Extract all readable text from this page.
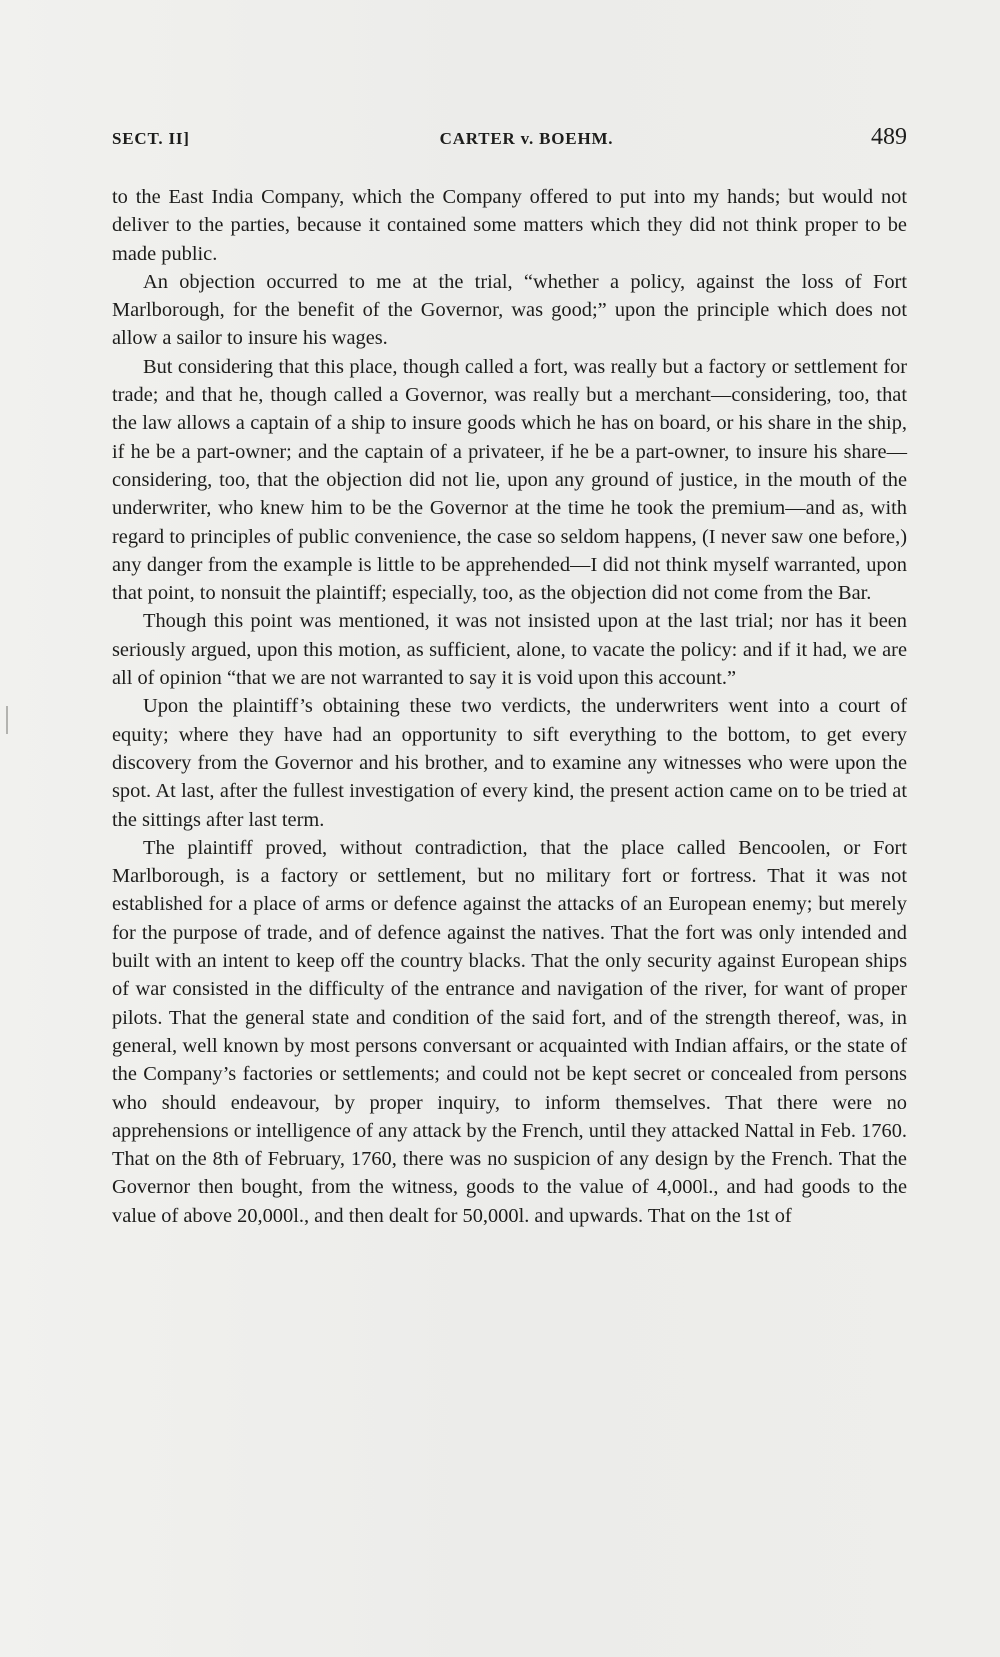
SECT. II]	CARTER v. BOEHM.	489

to the East India Company, which the Company offered to put into my hands; but would not deliver to the parties, because it contained some matters which they did not think proper to be made public.

An objection occurred to me at the trial, “whether a policy, against the loss of Fort Marlborough, for the benefit of the Governor, was good;” upon the principle which does not allow a sailor to insure his wages.

But considering that this place, though called a fort, was really but a factory or settlement for trade; and that he, though called a Governor, was really but a merchant—considering, too, that the law allows a captain of a ship to insure goods which he has on board, or his share in the ship, if he be a part-owner; and the captain of a privateer, if he be a part-owner, to insure his share—considering, too, that the objection did not lie, upon any ground of justice, in the mouth of the underwriter, who knew him to be the Governor at the time he took the premium—and as, with regard to principles of public convenience, the case so seldom happens, (I never saw one before,) any danger from the example is little to be apprehended—I did not think myself warranted, upon that point, to nonsuit the plaintiff; especially, too, as the objection did not come from the Bar.

Though this point was mentioned, it was not insisted upon at the last trial; nor has it been seriously argued, upon this motion, as sufficient, alone, to vacate the policy: and if it had, we are all of opinion “that we are not warranted to say it is void upon this account.”

Upon the plaintiff’s obtaining these two verdicts, the underwriters went into a court of equity; where they have had an opportunity to sift everything to the bottom, to get every discovery from the Governor and his brother, and to examine any witnesses who were upon the spot. At last, after the fullest investigation of every kind, the present action came on to be tried at the sittings after last term.

The plaintiff proved, without contradiction, that the place called Bencoolen, or Fort Marlborough, is a factory or settlement, but no military fort or fortress. That it was not established for a place of arms or defence against the attacks of an European enemy; but merely for the purpose of trade, and of defence against the natives. That the fort was only intended and built with an intent to keep off the country blacks. That the only security against European ships of war consisted in the difficulty of the entrance and navigation of the river, for want of proper pilots. That the general state and condition of the said fort, and of the strength thereof, was, in general, well known by most persons conversant or acquainted with Indian affairs, or the state of the Company’s factories or settlements; and could not be kept secret or concealed from persons who should endeavour, by proper inquiry, to inform themselves. That there were no apprehensions or intelligence of any attack by the French, until they attacked Nattal in Feb. 1760. That on the 8th of February, 1760, there was no suspicion of any design by the French. That the Governor then bought, from the witness, goods to the value of 4,000l., and had goods to the value of above 20,000l., and then dealt for 50,000l. and upwards. That on the 1st of
